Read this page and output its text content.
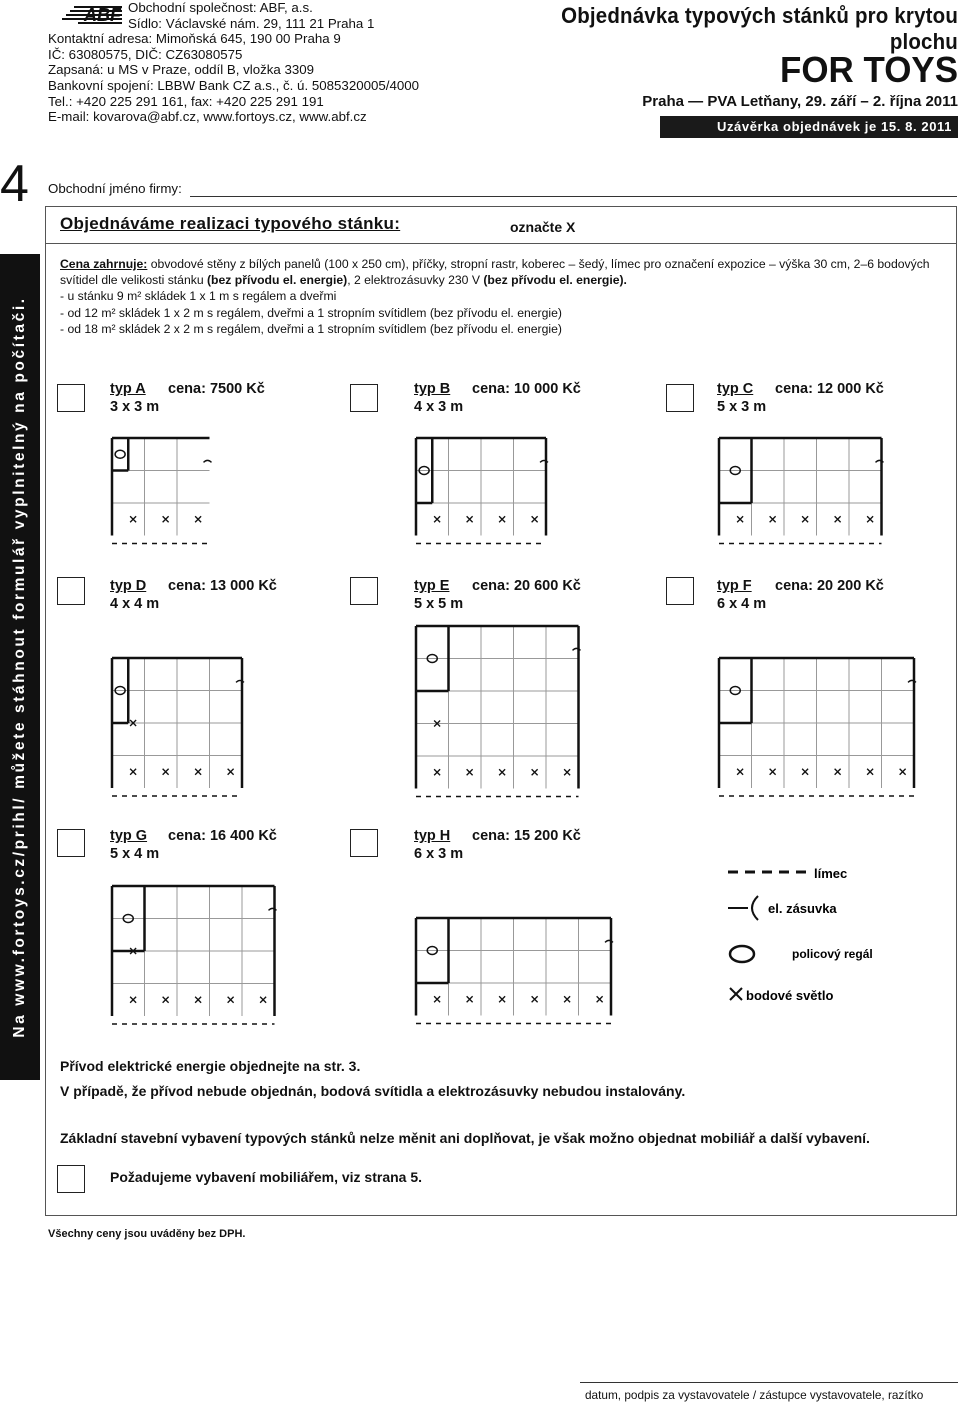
ABF Obchodní společnost: ABF, a.s.
Sídlo: Václavské nám. 29, 111 21 Praha 1
Kontaktní adresa: Mimoňská 645, 190 00 Praha 9
IČ: 63080575, DIČ: CZ63080575
Zapsaná: u MS v Praze, oddíl B, vložka 3309
Bankovní spojení: LBBW Bank CZ a.s., č. ú. 5085320005/4000
Tel.: +420 225 291 161, fax: +420 225 291 191
E-mail: kovarova@abf.cz, www.fortoys.cz, www.abf.cz
Objednávka typových stánků pro krytou plochu
FOR TOYS
Praha — PVA Letňany, 29. září – 2. října 2011
Uzávěrka objednávek je 15. 8. 2011
4 Obchodní jméno firmy:
Na www.fortoys.cz/prihl/ můžete stáhnout formulář vyplnitelný na počítači.
Objednáváme realizaci typového stánku:	označte X
Cena zahrnuje: obvodové stěny z bílých panelů (100 x 250 cm), příčky, stropní rastr, koberec – šedý, límec pro označení expozice – výška 30 cm, 2–6 bodových svítidel dle velikosti stánku (bez přívodu el. energie), 2 elektrozásuvky 230 V (bez přívodu el. energie).
- u stánku 9 m² skládek 1 x 1 m s regálem a dveřmi
- od 12 m² skládek 1 x 2 m s regálem, dveřmi a 1 stropním svítidlem (bez přívodu el. energie)
- od 18 m² skládek 2 x 2 m s regálem, dveřmi a 1 stropním svítidlem (bez přívodu el. energie)
typ A cena: 7500 Kč
3 x 3 m
typ B cena: 10 000 Kč
4 x 3 m
typ C cena: 12 000 Kč
5 x 3 m
typ D cena: 13 000 Kč
4 x 4 m
typ E cena: 20 600 Kč
5 x 5 m
typ F cena: 20 200 Kč
6 x 4 m
typ G cena: 16 400 Kč
5 x 4 m
typ H cena: 15 200 Kč
6 x 3 m
límec
el. zásuvka
policový regál
bodové světlo
Přívod elektrické energie objednejte na str. 3.
V případě, že přívod nebude objednán, bodová svítidla a elektrozásuvky nebudou instalovány.
Základní stavební vybavení typových stánků nelze měnit ani doplňovat, je však možno objednat mobiliář a další vybavení.
Požadujeme vybavení mobiliářem, viz strana 5.
Všechny ceny jsou uváděny bez DPH.
datum, podpis za vystavovatele / zástupce vystavovatele, razítko
